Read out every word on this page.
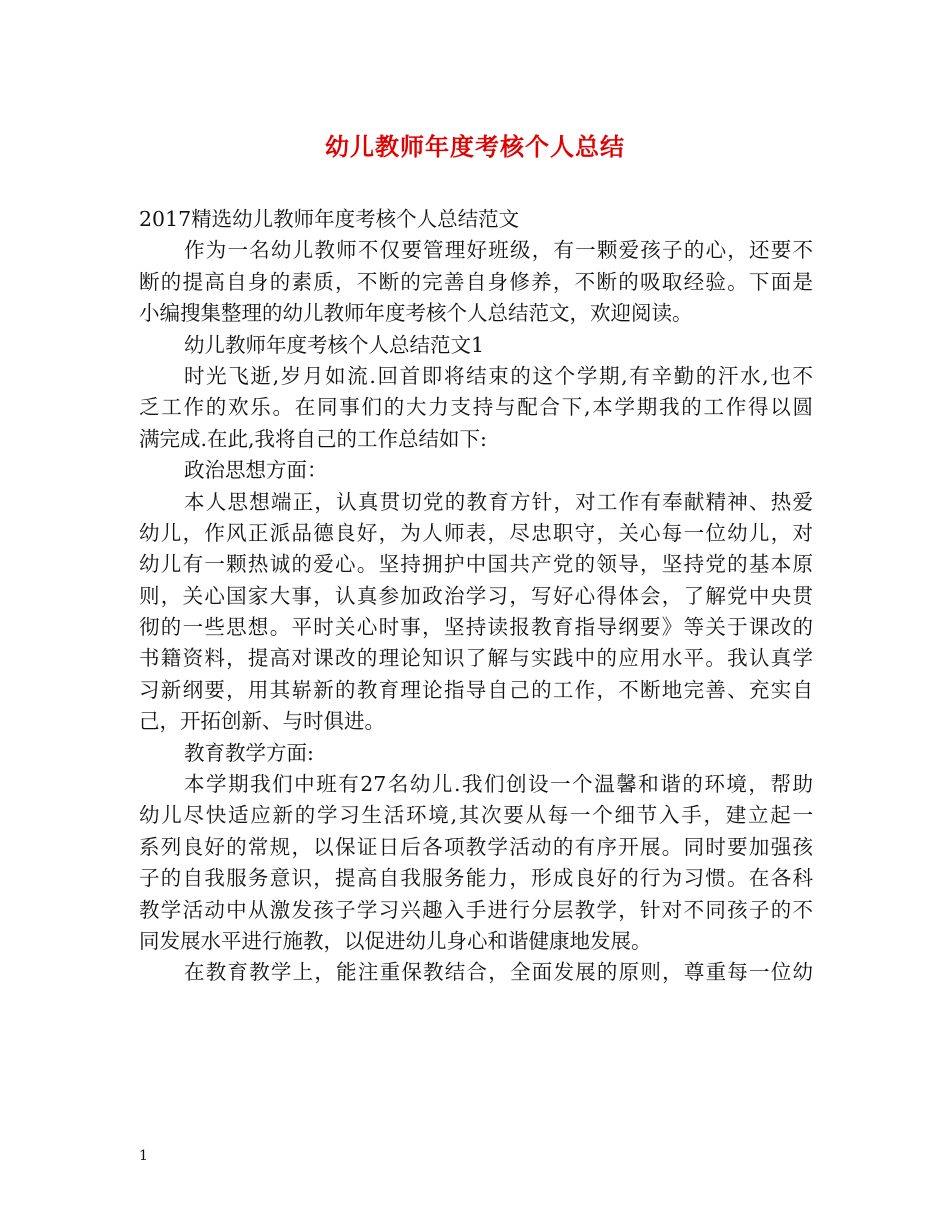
幼儿教师年度考核个人总结
2017精选幼儿教师年度考核个人总结范文
作为一名幼儿教师不仅要管理好班级，有一颗爱孩子的心，还要不
断的提高自身的素质，不断的完善自身修养，不断的吸取经验。下面是
小编搜集整理的幼儿教师年度考核个人总结范文，欢迎阅读。
幼儿教师年度考核个人总结范文1
时光飞逝,岁月如流.回首即将结束的这个学期,有辛勤的汗水,也不
乏工作的欢乐。在同事们的大力支持与配合下,本学期我的工作得以圆
满完成.在此,我将自己的工作总结如下:
政治思想方面：
本人思想端正，认真贯切党的教育方针，对工作有奉献精神、热爱
幼儿，作风正派品德良好，为人师表，尽忠职守，关心每一位幼儿，对
幼儿有一颗热诚的爱心。坚持拥护中国共产党的领导，坚持党的基本原
则，关心国家大事，认真参加政治学习，写好心得体会，了解党中央贯
彻的一些思想。平时关心时事，坚持读报教育指导纲要》等关于课改的
书籍资料，提高对课改的理论知识了解与实践中的应用水平。我认真学
习新纲要，用其崭新的教育理论指导自己的工作，不断地完善、充实自
己，开拓创新、与时俱进。
教育教学方面:
本学期我们中班有27名幼儿.我们创设一个温馨和谐的环境，帮助
幼儿尽快适应新的学习生活环境,其次要从每一个细节入手，建立起一
系列良好的常规，以保证日后各项教学活动的有序开展。同时要加强孩
子的自我服务意识，提高自我服务能力，形成良好的行为习惯。在各科
教学活动中从激发孩子学习兴趣入手进行分层教学，针对不同孩子的不
同发展水平进行施教，以促进幼儿身心和谐健康地发展。
在教育教学上，能注重保教结合，全面发展的原则，尊重每一位幼
1
